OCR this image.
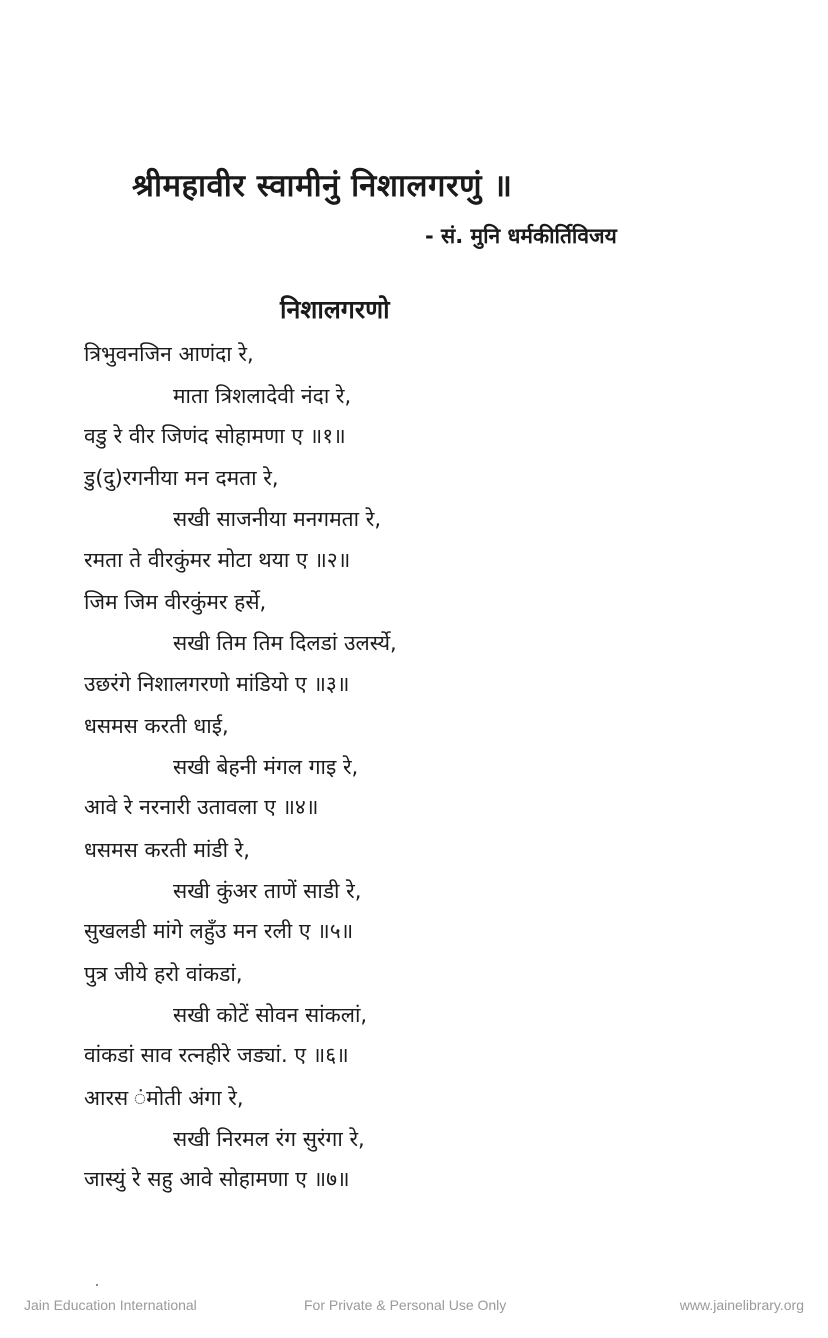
श्रीमहावीर स्वामीनुं निशालगरणुं ॥
- सं. मुनि धर्मकीर्तिविजय
निशालगरणो
त्रिभुवनजिन आणंदा रे,
माता त्रिशलादेवी नंदा रे,
वडु रे वीर जिणंद सोहामणा ए ॥१॥
डु(दु)रगनीया मन दमता रे,
सखी साजनीया मनगमता रे,
रमता ते वीरकुंमर मोटा थया ए ॥२॥
जिम जिम वीरकुंमर हर्से,
सखी तिम तिम दिलडां उलर्स्ये,
उछरंगे निशालगरणो मांडियो ए ॥३॥
धसमस करती धाई,
सखी बेहनी मंगल गाइ रे,
आवे रे नरनारी उतावला ए ॥४॥
धसमस करती मांडी रे,
सखी कुंअर ताणें साडी रे,
सुखलडी मांगे लहुँउ मन रली ए ॥५॥
पुत्र जीये हरो वांकडां,
सखी कोटें सोवन सांकलां,
वांकडां साव रत्नहीरे जड्यां. ए ॥६॥
आरस ंमोती अंगा रे,
सखी निरमल रंग सुरंगा रे,
जास्युं रे सहु आवे सोहामणा ए ॥७॥
Jain Education International	For Private & Personal Use Only	www.jainelibrary.org
